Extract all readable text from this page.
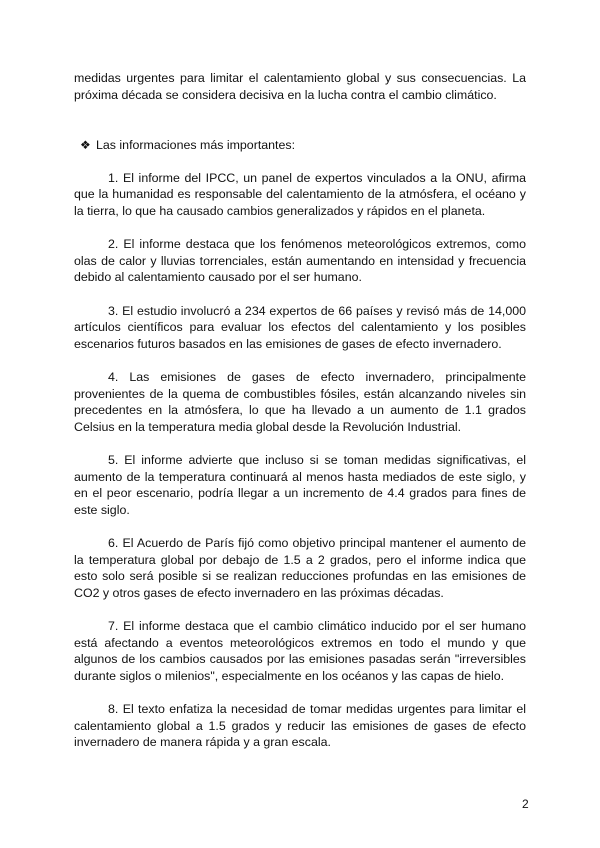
medidas urgentes para limitar el calentamiento global y sus consecuencias. La próxima década se considera decisiva en la lucha contra el cambio climático.

❖ Las informaciones más importantes:

1. El informe del IPCC, un panel de expertos vinculados a la ONU, afirma que la humanidad es responsable del calentamiento de la atmósfera, el océano y la tierra, lo que ha causado cambios generalizados y rápidos en el planeta.

2. El informe destaca que los fenómenos meteorológicos extremos, como olas de calor y lluvias torrenciales, están aumentando en intensidad y frecuencia debido al calentamiento causado por el ser humano.

3. El estudio involucró a 234 expertos de 66 países y revisó más de 14,000 artículos científicos para evaluar los efectos del calentamiento y los posibles escenarios futuros basados en las emisiones de gases de efecto invernadero.

4. Las emisiones de gases de efecto invernadero, principalmente provenientes de la quema de combustibles fósiles, están alcanzando niveles sin precedentes en la atmósfera, lo que ha llevado a un aumento de 1.1 grados Celsius en la temperatura media global desde la Revolución Industrial.

5. El informe advierte que incluso si se toman medidas significativas, el aumento de la temperatura continuará al menos hasta mediados de este siglo, y en el peor escenario, podría llegar a un incremento de 4.4 grados para fines de este siglo.

6. El Acuerdo de París fijó como objetivo principal mantener el aumento de la temperatura global por debajo de 1.5 a 2 grados, pero el informe indica que esto solo será posible si se realizan reducciones profundas en las emisiones de CO2 y otros gases de efecto invernadero en las próximas décadas.

7. El informe destaca que el cambio climático inducido por el ser humano está afectando a eventos meteorológicos extremos en todo el mundo y que algunos de los cambios causados por las emisiones pasadas serán "irreversibles durante siglos o milenios", especialmente en los océanos y las capas de hielo.

8. El texto enfatiza la necesidad de tomar medidas urgentes para limitar el calentamiento global a 1.5 grados y reducir las emisiones de gases de efecto invernadero de manera rápida y a gran escala.

2
